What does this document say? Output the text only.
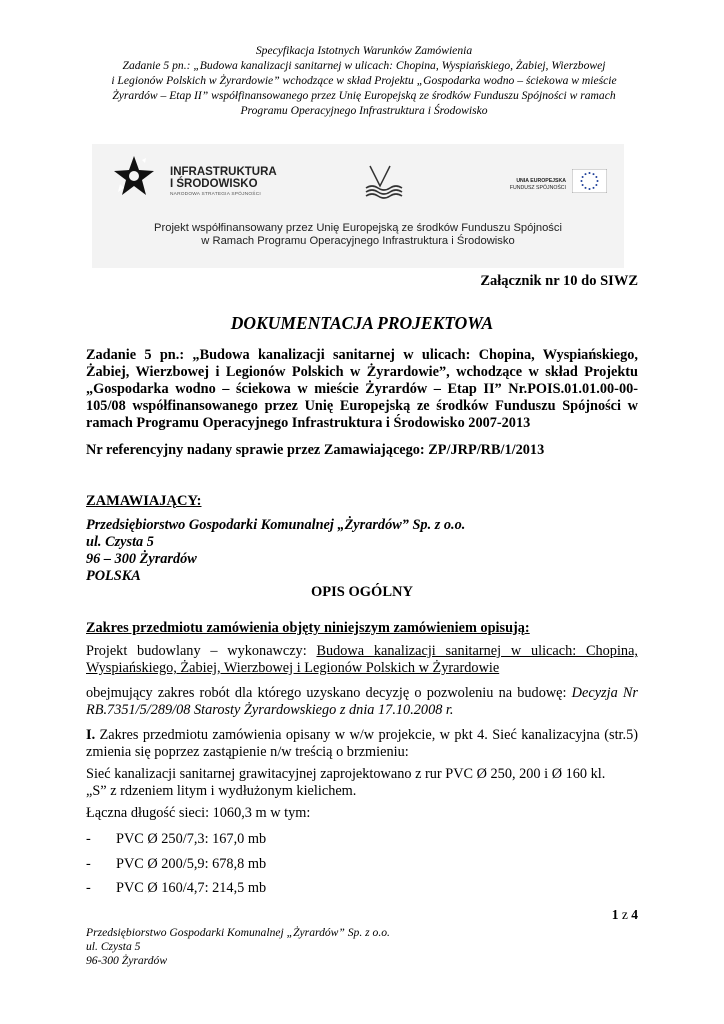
Specyfikacja Istotnych Warunków Zamówienia
Zadanie 5 pn.: „Budowa kanalizacji sanitarnej w ulicach: Chopina, Wyspiańskiego, Żabiej, Wierzbowej
i Legionów Polskich w Żyrardowie” wchodzące w skład Projektu „Gospodarka wodno – ściekowa w mieście
Żyrardów – Etap II” współfinansowanego przez Unię Europejską ze środków Funduszu Spójności w ramach
Programu Operacyjnego Infrastruktura i Środowisko
INFRASTRUKTURA
I ŚRODOWISKO
NARODOWA STRATEGIA SPÓJNOŚCI
UNIA EUROPEJSKA
FUNDUSZ SPÓJNOŚCI
Projekt współfinansowany przez Unię Europejską ze środków Funduszu Spójności
w Ramach Programu Operacyjnego Infrastruktura i Środowisko
Załącznik nr 10 do SIWZ
DOKUMENTACJA PROJEKTOWA
Zadanie 5 pn.: „Budowa kanalizacji sanitarnej w ulicach: Chopina, Wyspiańskiego, Żabiej, Wierzbowej i Legionów Polskich w Żyrardowie”, wchodzące w skład Projektu „Gospodarka wodno – ściekowa w mieście Żyrardów – Etap II” Nr.POIS.01.01.00-00-105/08 współfinansowanego przez Unię Europejską ze środków Funduszu Spójności w ramach Programu Operacyjnego Infrastruktura i Środowisko 2007-2013
Nr referencyjny nadany sprawie przez Zamawiającego: ZP/JRP/RB/1/2013
ZAMAWIAJĄCY:
Przedsiębiorstwo Gospodarki Komunalnej „Żyrardów” Sp. z o.o.
ul. Czysta 5
96 – 300 Żyrardów
POLSKA
OPIS OGÓLNY
Zakres przedmiotu zamówienia objęty niniejszym zamówieniem opisują:
Projekt budowlany – wykonawczy: Budowa kanalizacji sanitarnej w ulicach: Chopina, Wyspiańskiego, Żabiej, Wierzbowej i Legionów Polskich w Żyrardowie
obejmujący zakres robót dla którego uzyskano decyzję o pozwoleniu na budowę: Decyzja Nr RB.7351/5/289/08 Starosty Żyrardowskiego z dnia 17.10.2008 r.
I. Zakres przedmiotu zamówienia opisany w w/w projekcie, w pkt 4. Sieć kanalizacyjna (str.5) zmienia się poprzez zastąpienie n/w treścią o brzmieniu:
Sieć kanalizacji sanitarnej grawitacyjnej zaprojektowano z rur PVC Ø 250, 200 i Ø 160 kl.
„S” z rdzeniem litym i wydłużonym kielichem.
Łączna długość sieci: 1060,3 m w tym:
- PVC Ø 250/7,3: 167,0 mb
- PVC Ø 200/5,9: 678,8 mb
- PVC Ø 160/4,7: 214,5 mb
1 z 4
Przedsiębiorstwo Gospodarki Komunalnej „Żyrardów” Sp. z o.o.
ul. Czysta 5
96-300 Żyrardów
